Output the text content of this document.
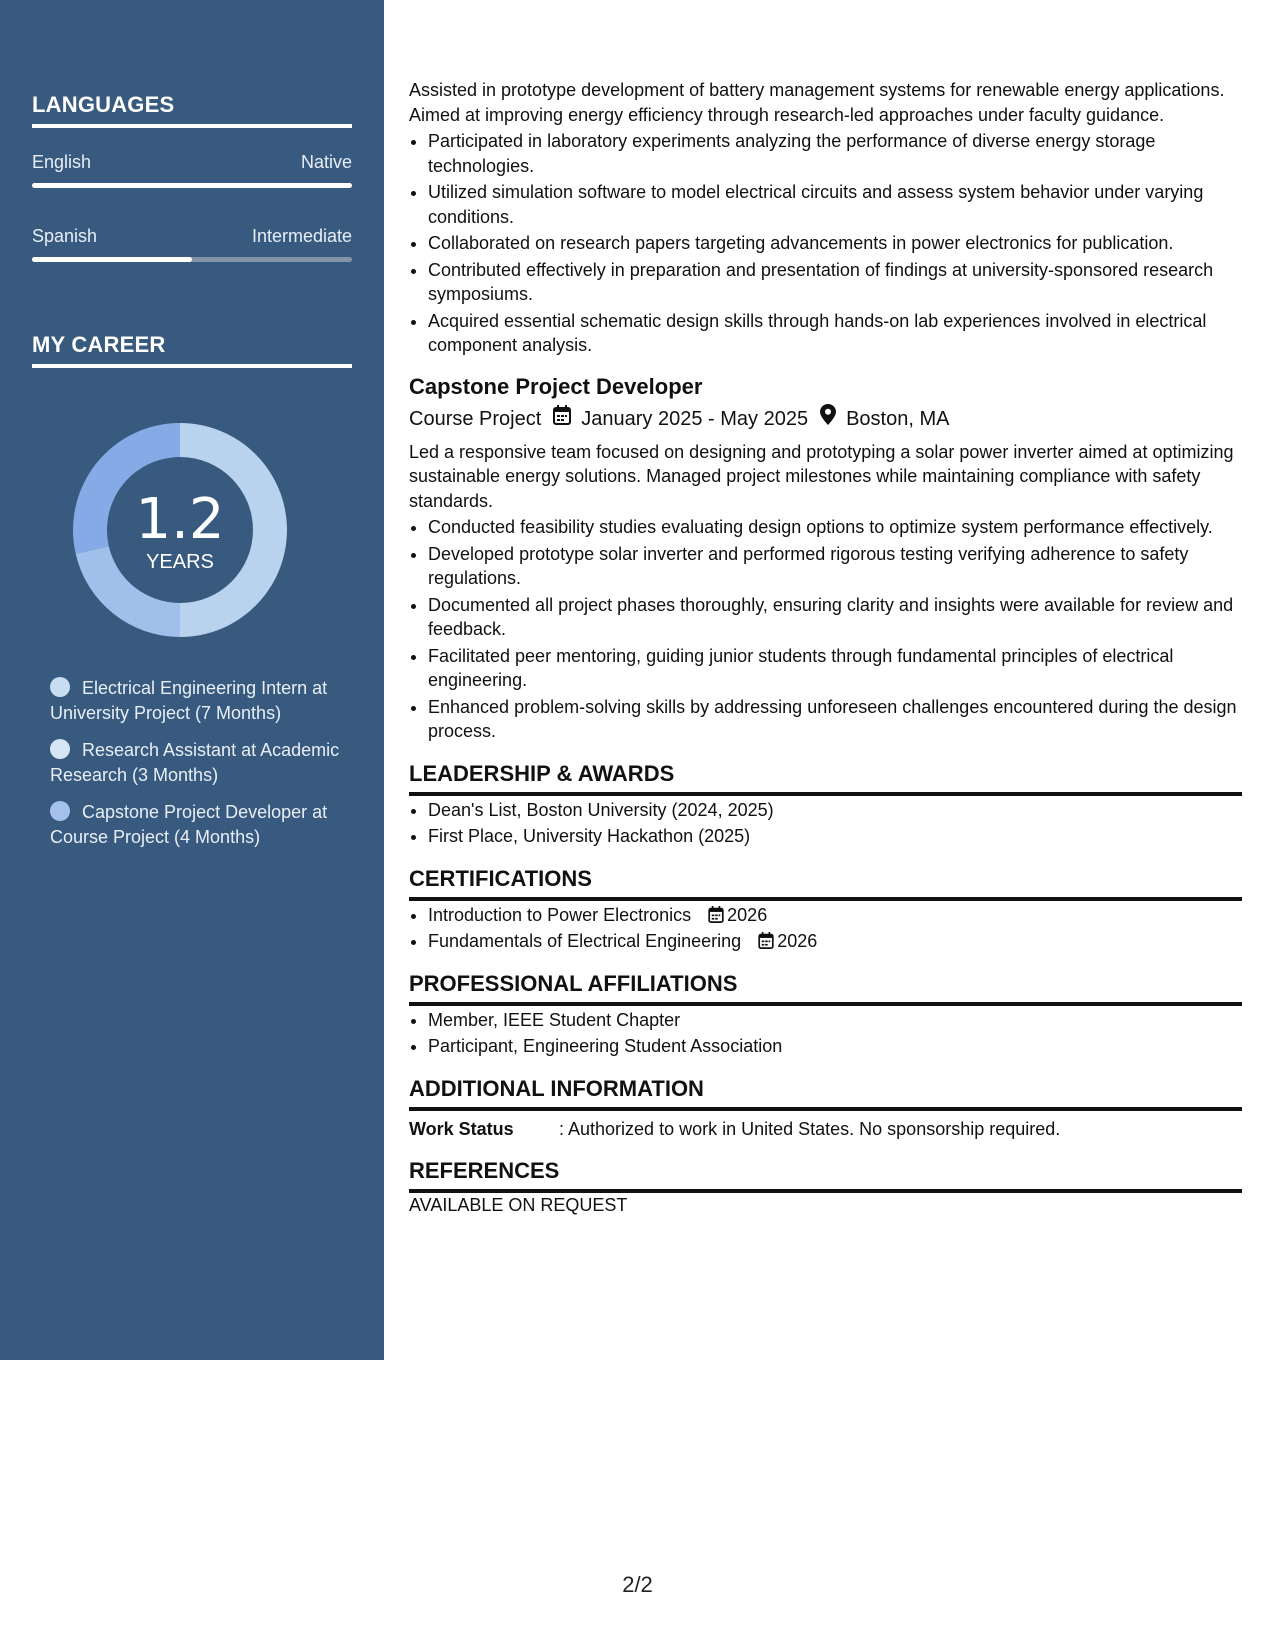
LANGUAGES
English	Native
Spanish	Intermediate
MY CAREER
1.2
YEARS
Electrical Engineering Intern at University Project (7 Months)
Research Assistant at Academic Research (3 Months)
Capstone Project Developer at Course Project (4 Months)

Assisted in prototype development of battery management systems for renewable energy applications. Aimed at improving energy efficiency through research-led approaches under faculty guidance.

• Participated in laboratory experiments analyzing the performance of diverse energy storage technologies.
• Utilized simulation software to model electrical circuits and assess system behavior under varying conditions.
• Collaborated on research papers targeting advancements in power electronics for publication.
• Contributed effectively in preparation and presentation of findings at university-sponsored research symposiums.
• Acquired essential schematic design skills through hands-on lab experiences involved in electrical component analysis.
Capstone Project Developer
Course Project January 2025 - May 2025 Boston, MA

Led a responsive team focused on designing and prototyping a solar power inverter aimed at optimizing sustainable energy solutions. Managed project milestones while maintaining compliance with safety standards.

• Conducted feasibility studies evaluating design options to optimize system performance effectively.
• Developed prototype solar inverter and performed rigorous testing verifying adherence to safety regulations.
• Documented all project phases thoroughly, ensuring clarity and insights were available for review and feedback.
• Facilitated peer mentoring, guiding junior students through fundamental principles of electrical engineering.
• Enhanced problem-solving skills by addressing unforeseen challenges encountered during the design process.
LEADERSHIP & AWARDS
• Dean's List, Boston University (2024, 2025)
• First Place, University Hackathon (2025)
CERTIFICATIONS
• Introduction to Power Electronics 2026
• Fundamentals of Electrical Engineering 2026
PROFESSIONAL AFFILIATIONS
• Member, IEEE Student Chapter
• Participant, Engineering Student Association
ADDITIONAL INFORMATION
Work Status	: Authorized to work in United States. No sponsorship required.
REFERENCES

AVAILABLE ON REQUEST

2/2
